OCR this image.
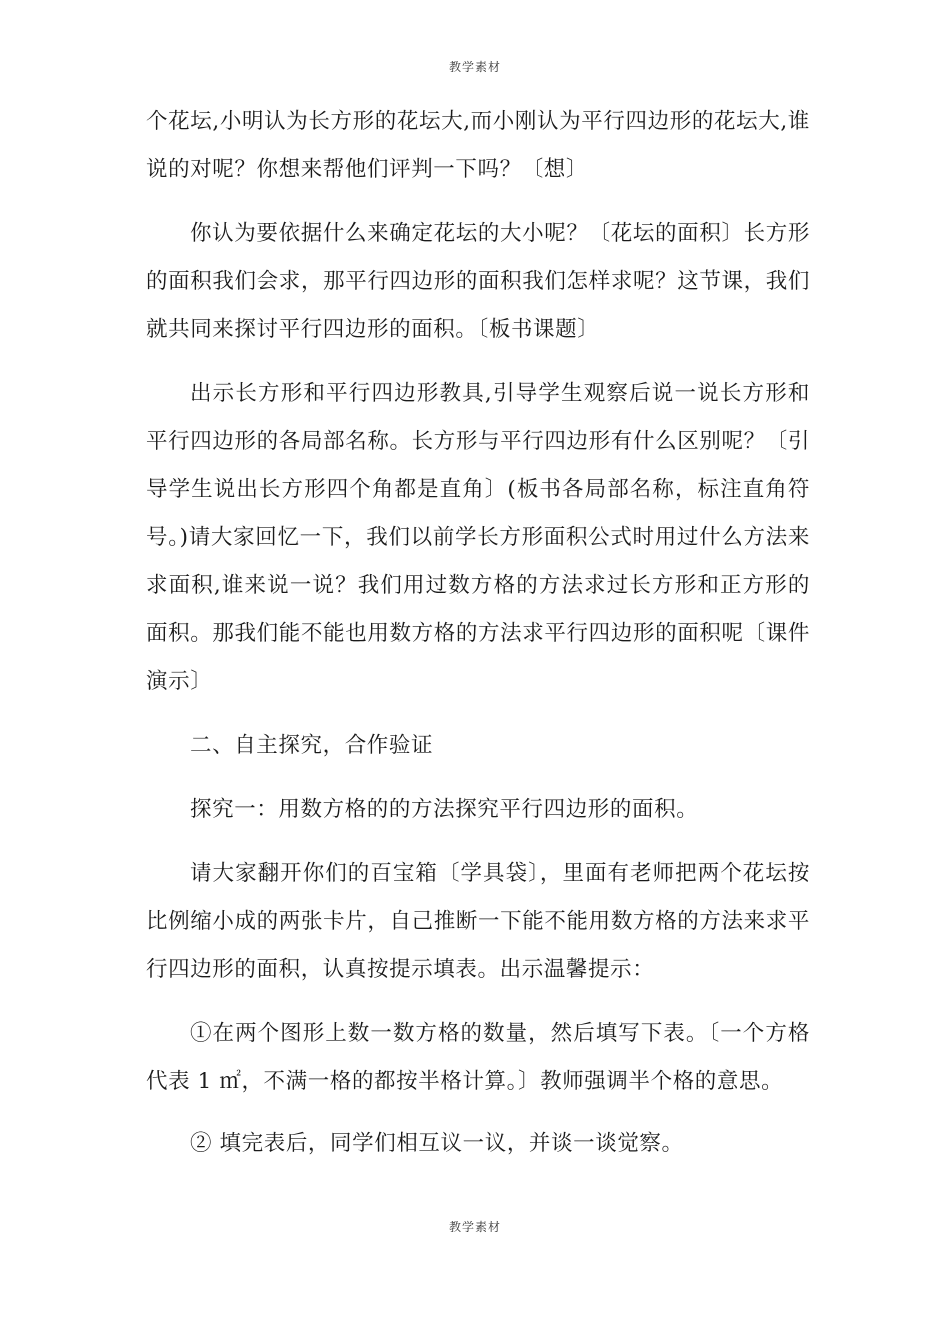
教学素材

个花坛,小明认为长方形的花坛大,而小刚认为平行四边形的花坛大,谁说的对呢？你想来帮他们评判一下吗？〔想〕

你认为要依据什么来确定花坛的大小呢？〔花坛的面积〕长方形的面积我们会求，那平行四边形的面积我们怎样求呢？这节课，我们就共同来探讨平行四边形的面积。〔板书课题〕

出示长方形和平行四边形教具,引导学生观察后说一说长方形和平行四边形的各局部名称。长方形与平行四边形有什么区别呢？〔引导学生说出长方形四个角都是直角〕(板书各局部名称，标注直角符号。)请大家回忆一下，我们以前学长方形面积公式时用过什么方法来求面积,谁来说一说？我们用过数方格的方法求过长方形和正方形的面积。那我们能不能也用数方格的方法求平行四边形的面积呢〔课件演示〕

二、自主探究，合作验证

探究一：用数方格的的方法探究平行四边形的面积。

请大家翻开你们的百宝箱〔学具袋〕，里面有老师把两个花坛按比例缩小成的两张卡片，自己推断一下能不能用数方格的方法来求平行四边形的面积，认真按提示填表。出示温馨提示：

①在两个图形上数一数方格的数量，然后填写下表。〔一个方格代表 1 ㎡，不满一格的都按半格计算。〕教师强调半个格的意思。

② 填完表后，同学们相互议一议，并谈一谈觉察。

教学素材
